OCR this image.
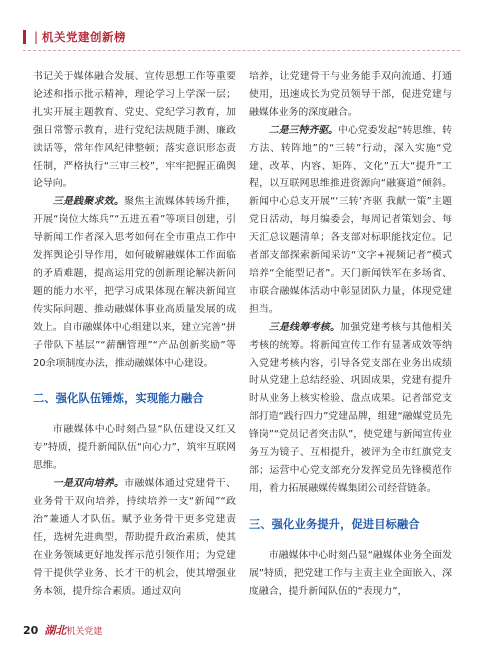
| 机关党建创新榜

书记关于媒体融合发展、宣传思想工作等重要论述和指示批示精神，理论学习上学深一层；扎实开展主题教育、党史、党纪学习教育，加强日常警示教育，进行党纪法规随手测、廉政读话等，常年作风纪律整顿；落实意识形态责任制，严格执行“三审三校”，牢牢把握正确舆论导向。

三是践聚求效。聚焦主流媒体转场升推，开展“岗位大练兵”“五进五看”等项目创建，引导新闻工作者深入思考如何在全市重点工作中发挥舆论引导作用，如何破解融媒体工作面临的矛盾难题，提高运用党的创新理论解决新问题的能力水平，把学习成果体现在解决新闻宣传实际问题、推动融媒体事业高质量发展的成效上。自市融媒体中心组建以来，建立完善“拼子带队下基层”“薪酬管理”“产品创新奖励”等20余项制度办法，推动融媒体中心建设。

二、强化队伍锤炼，实现能力融合

市融媒体中心时刻凸显“队伍建设又红又专”特质，提升新闻队伍“向心力”，筑牢互联网思维。

一是双向培养。市融媒体通过党建骨干、业务骨干双向培养，持续培养一支“新闻”“政治”兼通人才队伍。赋予业务骨干更多党建责任，选树先进典型，帮助提升政治素质，使其在业务领域更好地发挥示范引领作用；为党建骨干提供学业务、长才干的机会，使其增强业务本领，提升综合素质。通过双向

培养，让党建骨干与业务能手双向流通、打通使用，迅速成长为党员领导干部，促进党建与融媒体业务的深度融合。

二是三特齐驱。中心党委发起“转思维、转方法、转阵地”的“三转”行动，深入实施“党建、改革、内容、矩阵、文化”五大“提升”工程，以互联网思维推进资源向“融赛道”倾斜。新闻中心总支开展“‘三转’齐驱 我献一策”主题党日活动，每月编委会，每周记者策划会、每天汇总议题清单；各支部对标职能找定位。记者部支部探索新闻采访“文字+视频记者”模式培养“全能型记者”。天门新闻铁军在多场省、市联合融媒体活动中彰显团队力量，体现党建担当。

三是线筹考核。加强党建考核与其他相关考核的统筹。将新闻宣传工作有显著成效等纳入党建考核内容，引导各党支部在业务出成绩时从党建上总结经验、巩固成果，党建有提升时从业务上核实检验、盘点成果。记者部党支部打造“践行四力”党建品牌，组建“融媒党员先锋岗”“党员记者突击队”，使党建与新闻宣传业务互为镜子、互相提升，被评为全市红旗党支部；运营中心党支部充分发挥党员先锋模范作用，着力拓展融媒传媒集团公司经营链条。

三、强化业务提升，促进目标融合

市融媒体中心时刻凸显“融媒体业务全面发展”特质，把党建工作与主责主业全面嵌入、深度融合，提升新闻队伍的“表现力”，

20 湖北机关党建
